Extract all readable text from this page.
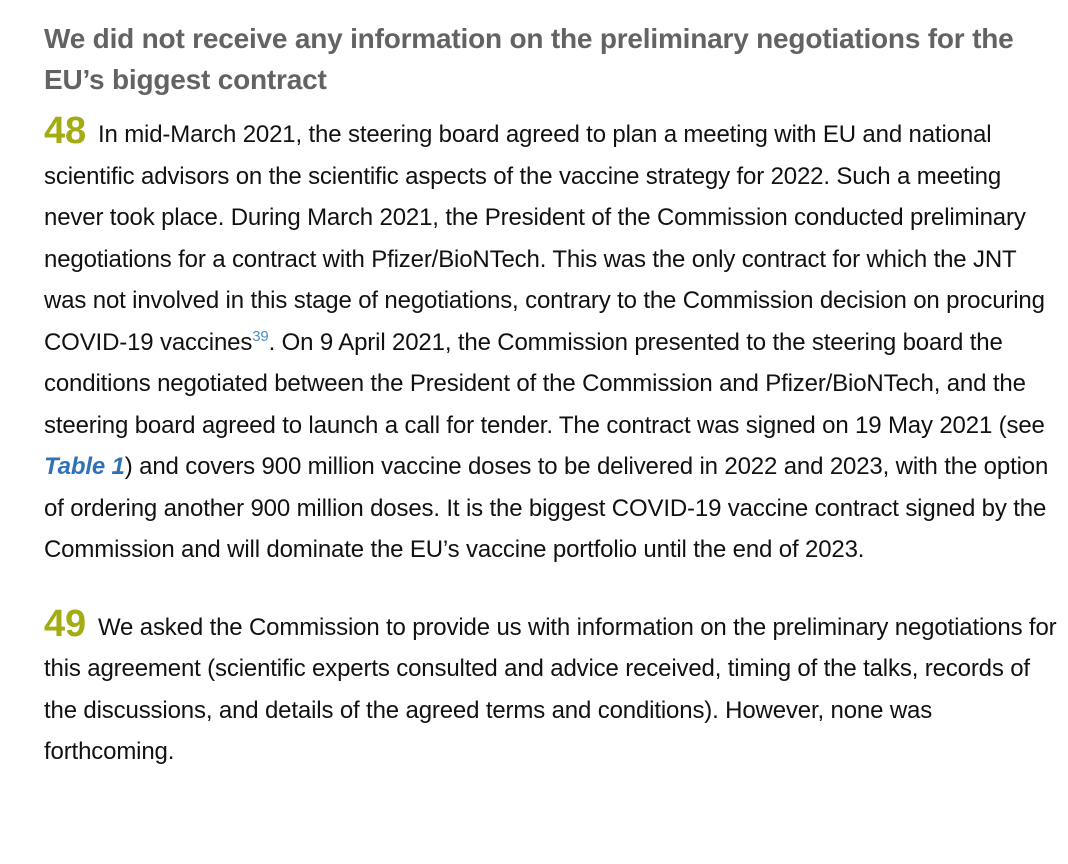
We did not receive any information on the preliminary negotiations for the EU’s biggest contract

48 In mid-March 2021, the steering board agreed to plan a meeting with EU and national scientific advisors on the scientific aspects of the vaccine strategy for 2022. Such a meeting never took place. During March 2021, the President of the Commission conducted preliminary negotiations for a contract with Pfizer/BioNTech. This was the only contract for which the JNT was not involved in this stage of negotiations, contrary to the Commission decision on procuring COVID-19 vaccines$^{39}$. On 9 April 2021, the Commission presented to the steering board the conditions negotiated between the President of the Commission and Pfizer/BioNTech, and the steering board agreed to launch a call for tender. The contract was signed on 19 May 2021 (see Table 1) and covers 900 million vaccine doses to be delivered in 2022 and 2023, with the option of ordering another 900 million doses. It is the biggest COVID-19 vaccine contract signed by the Commission and will dominate the EU’s vaccine portfolio until the end of 2023.

49 We asked the Commission to provide us with information on the preliminary negotiations for this agreement (scientific experts consulted and advice received, timing of the talks, records of the discussions, and details of the agreed terms and conditions). However, none was forthcoming.
